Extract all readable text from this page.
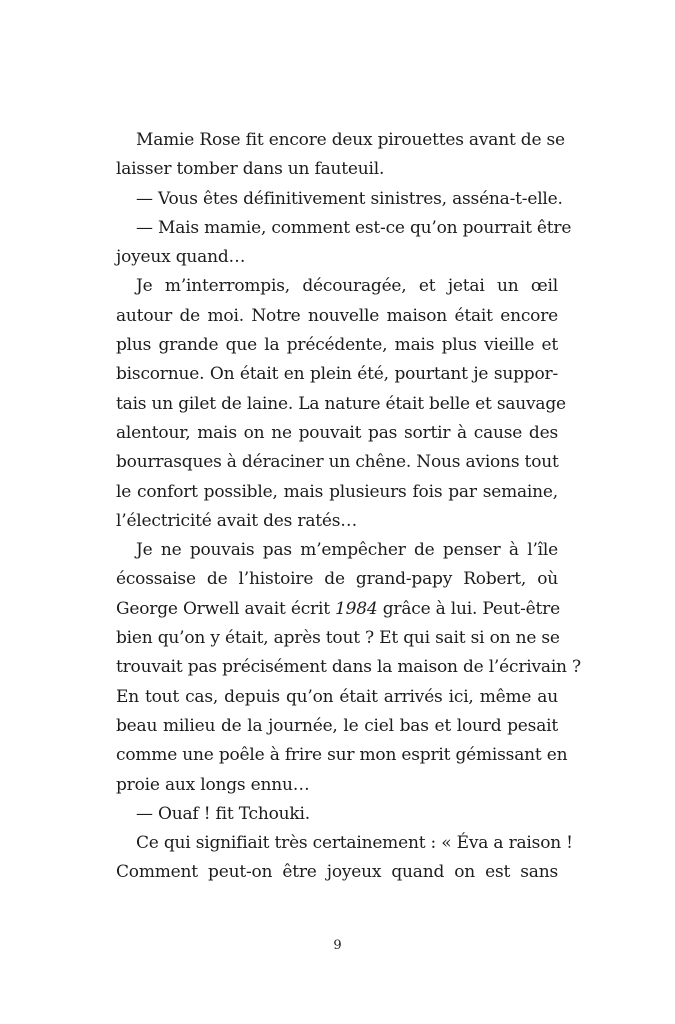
Mamie Rose fit encore deux pirouettes avant de se
laisser tomber dans un fauteuil.
— Vous êtes définitivement sinistres, asséna-t-elle.
— Mais mamie, comment est-ce qu’on pourrait être
joyeux quand…
Je m’interrompis, découragée, et jetai un œil
autour de moi. Notre nouvelle maison était encore
plus grande que la précédente, mais plus vieille et
biscornue. On était en plein été, pourtant je suppor-
tais un gilet de laine. La nature était belle et sauvage
alentour, mais on ne pouvait pas sortir à cause des
bourrasques à déraciner un chêne. Nous avions tout
le confort possible, mais plusieurs fois par semaine,
l’électricité avait des ratés…
Je ne pouvais pas m’empêcher de penser à l’île
écossaise de l’histoire de grand-papy Robert, où
George Orwell avait écrit 1984 grâce à lui. Peut-être
bien qu’on y était, après tout ? Et qui sait si on ne se
trouvait pas précisément dans la maison de l’écrivain ?
En tout cas, depuis qu’on était arrivés ici, même au
beau milieu de la journée, le ciel bas et lourd pesait
comme une poêle à frire sur mon esprit gémissant en
proie aux longs ennu…
— Ouaf ! fit Tchouki.
Ce qui signifiait très certainement : « Éva a raison !
Comment peut-on être joyeux quand on est sans
9
